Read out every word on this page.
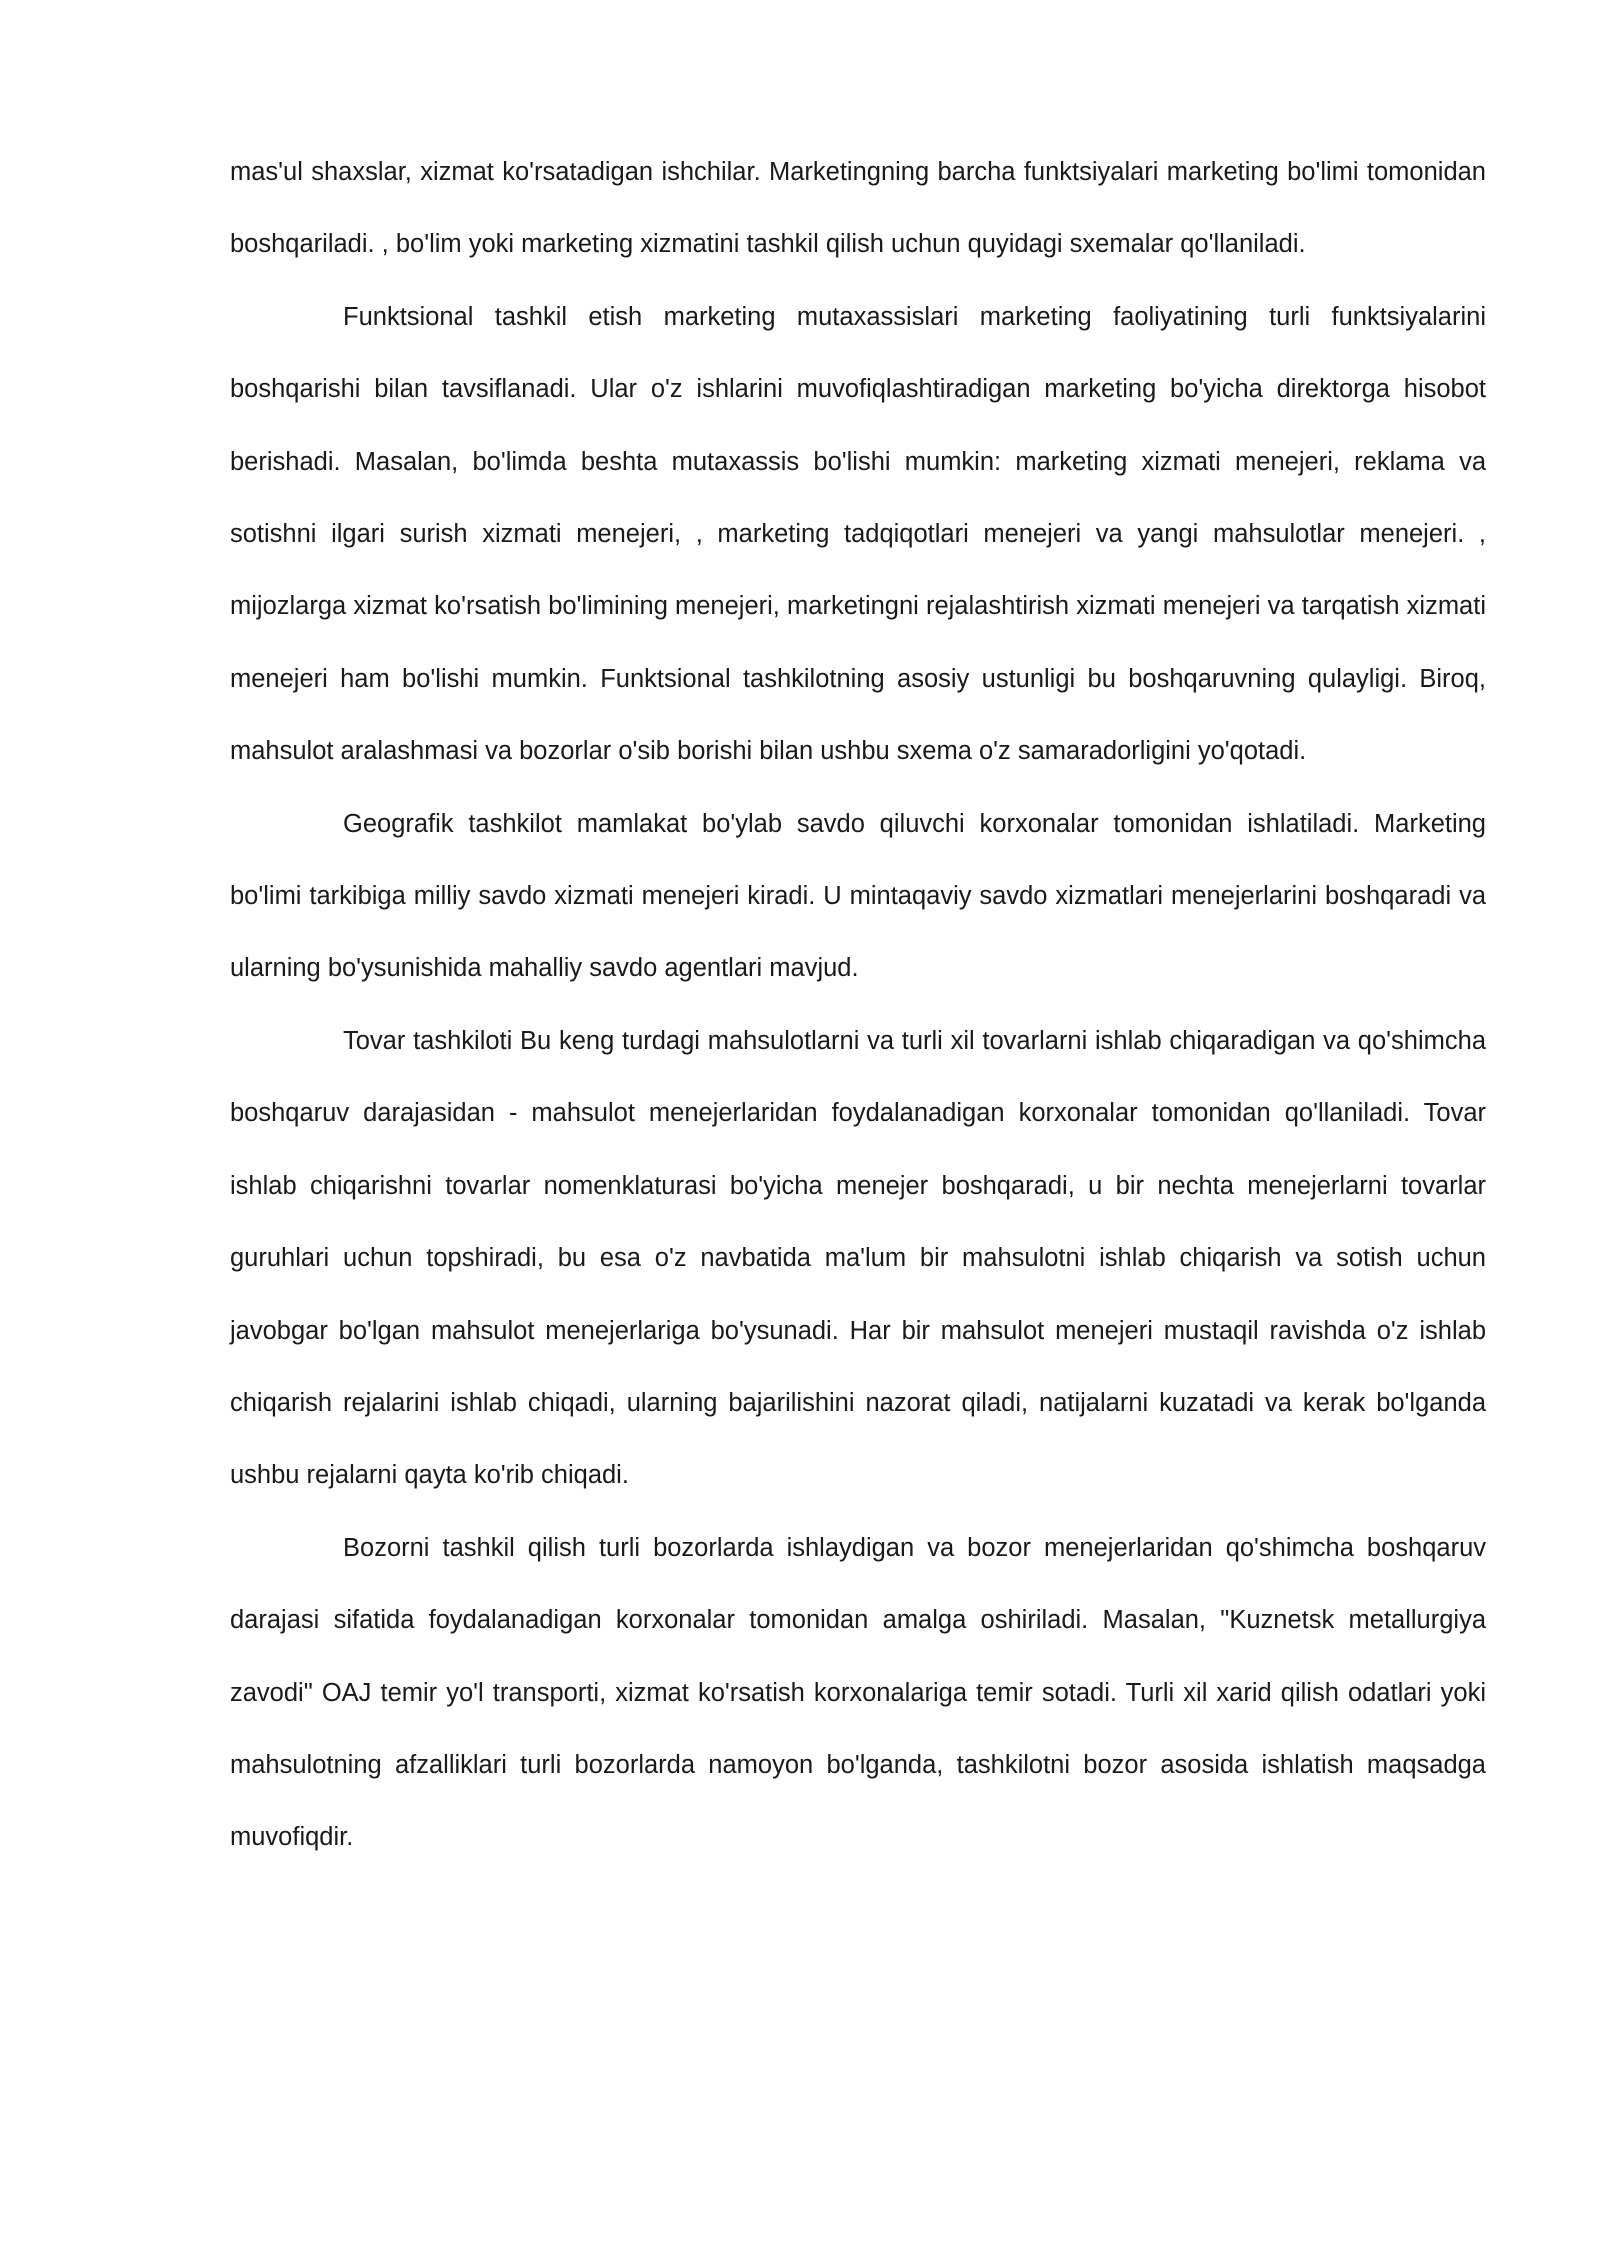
mas'ul shaxslar, xizmat ko'rsatadigan ishchilar. Marketingning barcha funktsiyalari marketing bo'limi tomonidan boshqariladi. , bo'lim yoki marketing xizmatini tashkil qilish uchun quyidagi sxemalar qo'llaniladi.

Funktsional tashkil etish marketing mutaxassislari marketing faoliyatining turli funktsiyalarini boshqarishi bilan tavsiflanadi. Ular o'z ishlarini muvofiqlashtiradigan marketing bo'yicha direktorga hisobot berishadi. Masalan, bo'limda beshta mutaxassis bo'lishi mumkin: marketing xizmati menejeri, reklama va sotishni ilgari surish xizmati menejeri, , marketing tadqiqotlari menejeri va yangi mahsulotlar menejeri. , mijozlarga xizmat ko'rsatish bo'limining menejeri, marketingni rejalashtirish xizmati menejeri va tarqatish xizmati menejeri ham bo'lishi mumkin. Funktsional tashkilotning asosiy ustunligi bu boshqaruvning qulayligi. Biroq, mahsulot aralashmasi va bozorlar o'sib borishi bilan ushbu sxema o'z samaradorligini yo'qotadi.

Geografik tashkilot mamlakat bo'ylab savdo qiluvchi korxonalar tomonidan ishlatiladi. Marketing bo'limi tarkibiga milliy savdo xizmati menejeri kiradi. U mintaqaviy savdo xizmatlari menejerlarini boshqaradi va ularning bo'ysunishida mahalliy savdo agentlari mavjud.

Tovar tashkiloti Bu keng turdagi mahsulotlarni va turli xil tovarlarni ishlab chiqaradigan va qo'shimcha boshqaruv darajasidan - mahsulot menejerlaridan foydalanadigan korxonalar tomonidan qo'llaniladi. Tovar ishlab chiqarishni tovarlar nomenklaturasi bo'yicha menejer boshqaradi, u bir nechta menejerlarni tovarlar guruhlari uchun topshiradi, bu esa o'z navbatida ma'lum bir mahsulotni ishlab chiqarish va sotish uchun javobgar bo'lgan mahsulot menejerlariga bo'ysunadi. Har bir mahsulot menejeri mustaqil ravishda o'z ishlab chiqarish rejalarini ishlab chiqadi, ularning bajarilishini nazorat qiladi, natijalarni kuzatadi va kerak bo'lganda ushbu rejalarni qayta ko'rib chiqadi.

Bozorni tashkil qilish turli bozorlarda ishlaydigan va bozor menejerlaridan qo'shimcha boshqaruv darajasi sifatida foydalanadigan korxonalar tomonidan amalga oshiriladi. Masalan, "Kuznetsk metallurgiya zavodi" OAJ temir yo'l transporti, xizmat ko'rsatish korxonalariga temir sotadi. Turli xil xarid qilish odatlari yoki mahsulotning afzalliklari turli bozorlarda namoyon bo'lganda, tashkilotni bozor asosida ishlatish maqsadga muvofiqdir.
